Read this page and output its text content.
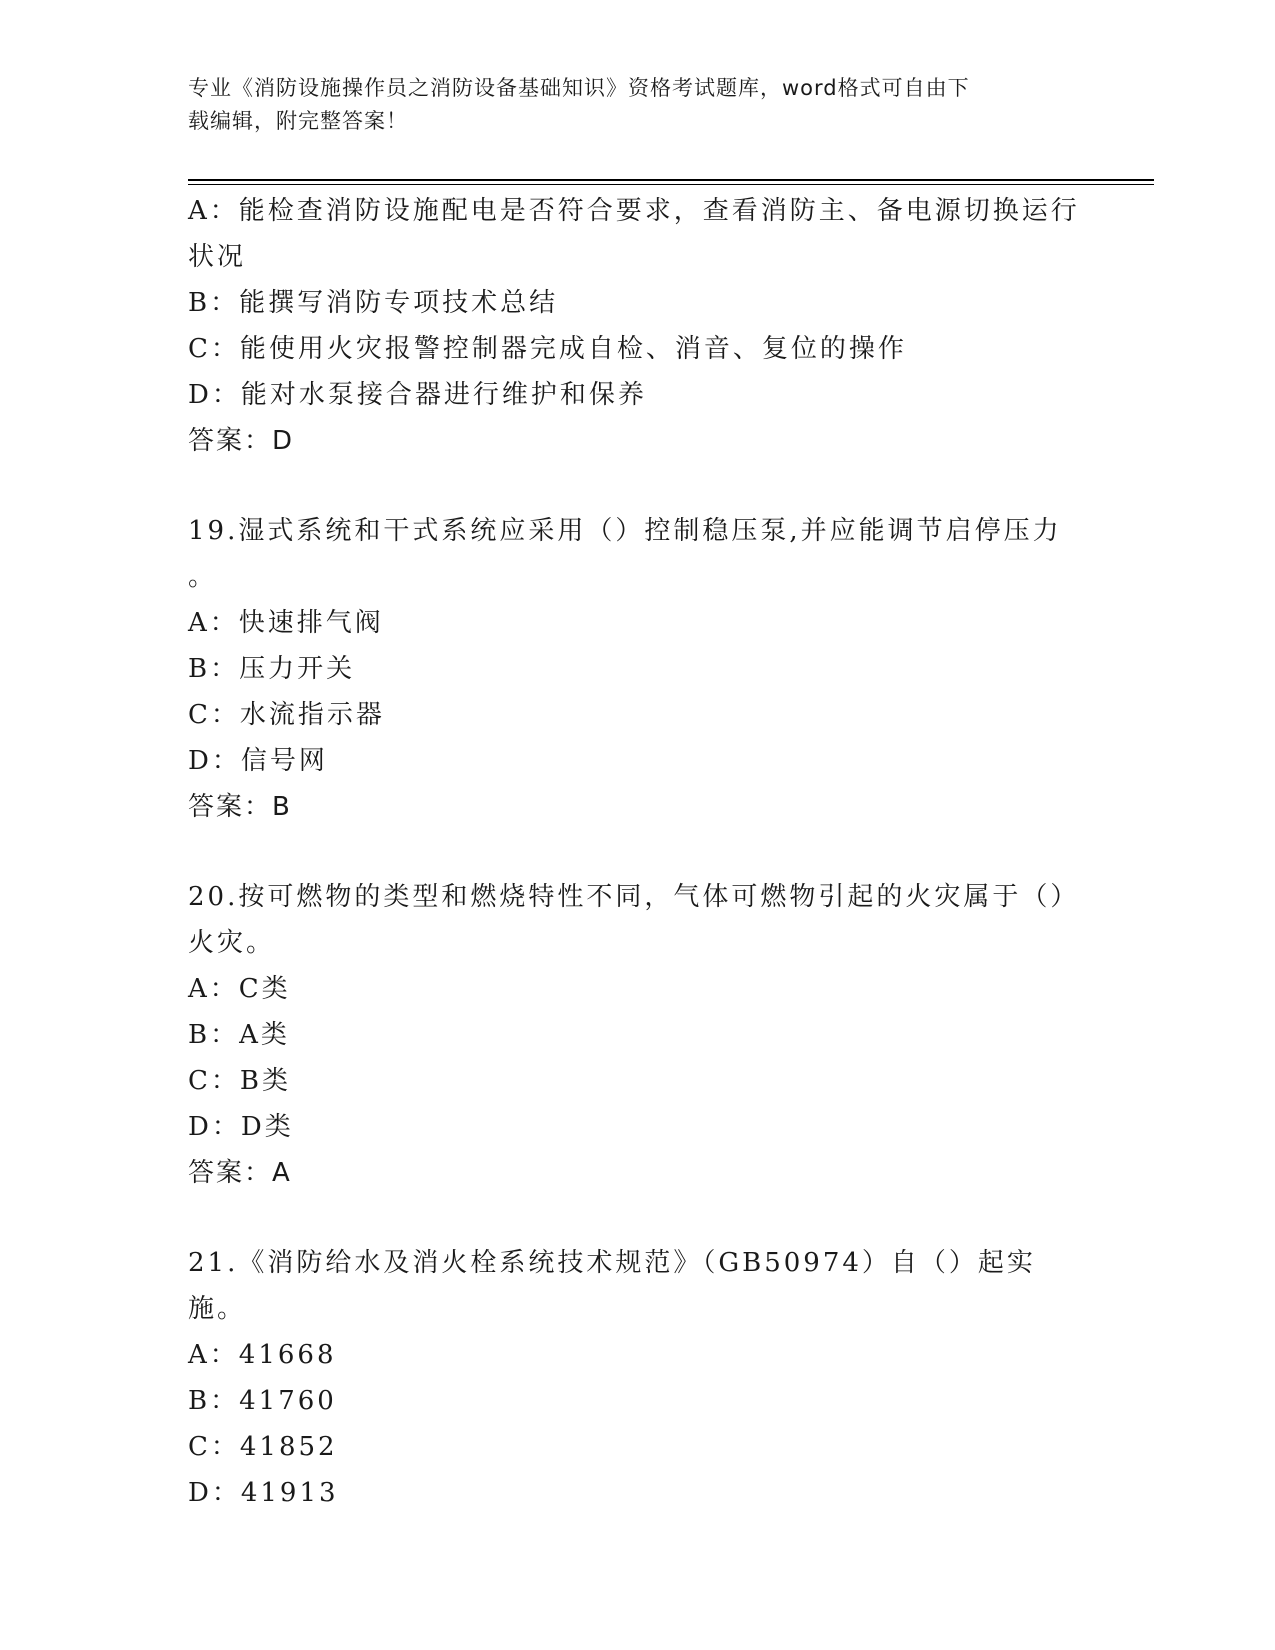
专业《消防设施操作员之消防设备基础知识》资格考试题库，word格式可自由下
载编辑，附完整答案！
A：能检查消防设施配电是否符合要求，查看消防主、备电源切换运行
状况
B：能撰写消防专项技术总结
C：能使用火灾报警控制器完成自检、消音、复位的操作
D：能对水泵接合器进行维护和保养
答案：D
19.湿式系统和干式系统应采用（）控制稳压泵,并应能调节启停压力
。
A：快速排气阀
B：压力开关
C：水流指示器
D：信号网
答案：B
20.按可燃物的类型和燃烧特性不同，气体可燃物引起的火灾属于（）
火灾。
A：C类
B：A类
C：B类
D：D类
答案：A
21.《消防给水及消火栓系统技术规范》（GB50974）自（）起实施。
A：41668
B：41760
C：41852
D：41913
